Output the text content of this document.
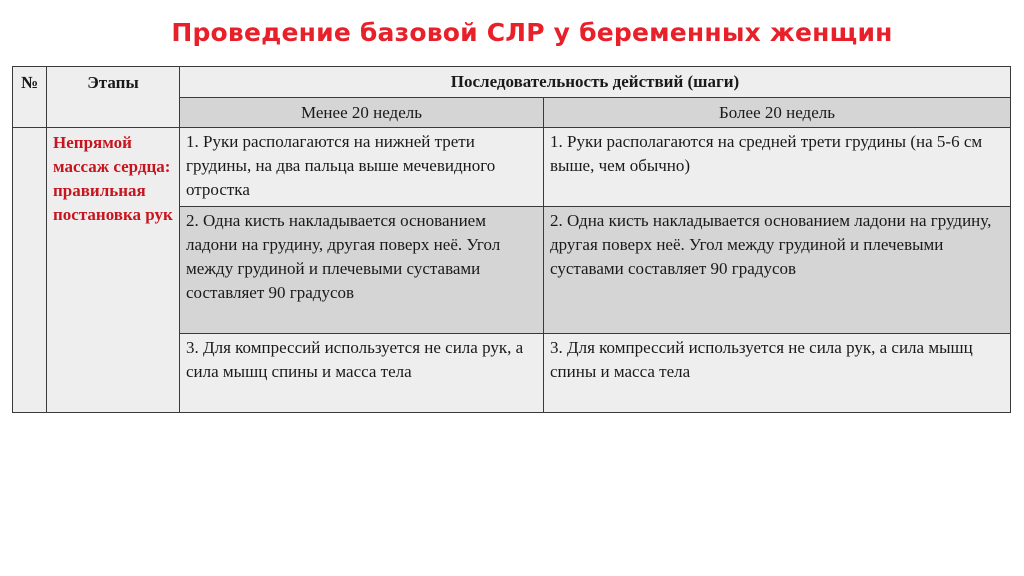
Проведение базовой СЛР у беременных женщин
№	Этапы	Последовательность действий (шаги)	
		Менее 20 недель	Более 20 недель
	Непрямой массаж сердца: правильная постановка рук	1. Руки располагаются на нижней трети грудины, на два пальца выше мечевидного отростка	1. Руки располагаются на средней трети грудины (на 5-6 см выше, чем обычно)
		2. Одна кисть накладывается основанием ладони на грудину, другая поверх неё. Угол между грудиной и плечевыми суставами составляет 90 градусов	2. Одна кисть накладывается основанием ладони на грудину, другая поверх неё. Угол между грудиной и плечевыми суставами составляет 90 градусов
		3. Для компрессий используется не сила рук, а сила мышц спины и масса тела	3. Для компрессий используется не сила рук, а сила мышц спины и масса тела
